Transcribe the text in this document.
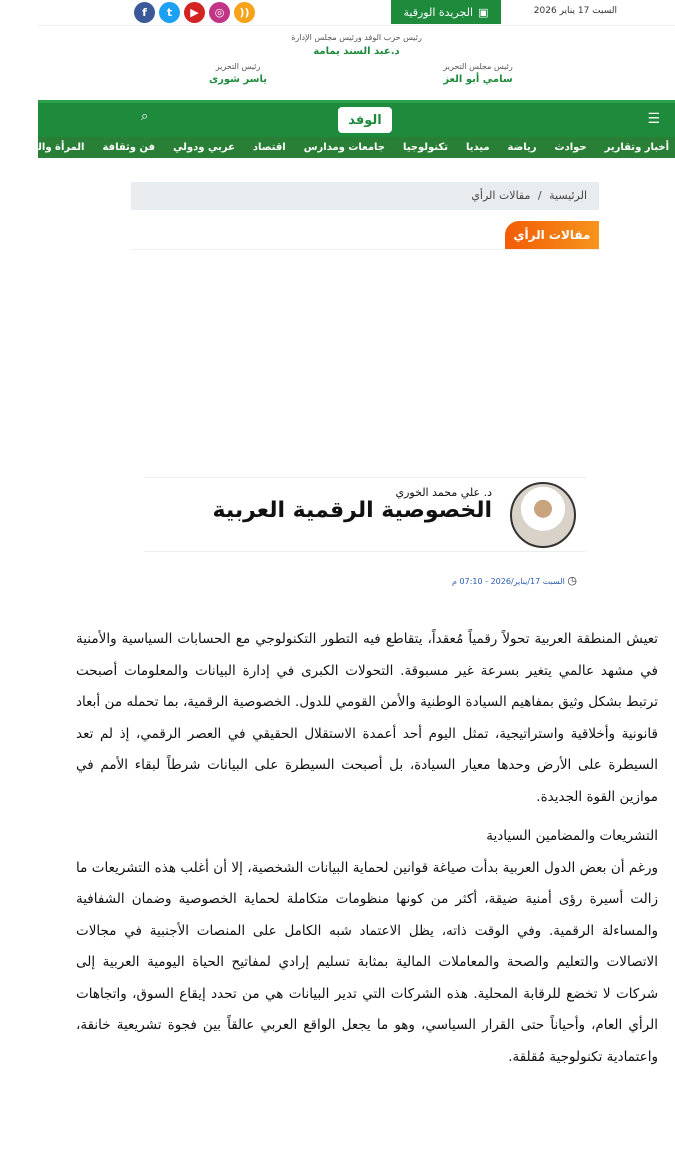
السبت 17 يناير 2026
▣
الجريدة الورقية
f	t	▶	◎	))
رئيس حزب الوفد ورئيس مجلس الإدارة
د.عبد السند يمامة
رئيس مجلس التحرير
سامي أبو العز
رئيس التحرير
ياسر شورى
☰
الوفد
⌕
أخبار وتقارير
حوادث
رياضة
ميديا
تكنولوجيا
جامعات ومدارس
اقتصاد
عربي ودولي
فن وثقافة
المرأة والمنوعات
الرئيسية / مقالات الرأي
مقالات الرأي
د. علي محمد الخوري
الخصوصية الرقمية العربية
◷ السبت 17/يناير/2026 - 07:10 م

تعيش المنطقة العربية تحولاً رقمياً مُعقداً، يتقاطع فيه التطور التكنولوجي مع الحسابات السياسية والأمنية في مشهد عالمي يتغير بسرعة غير مسبوقة. التحولات الكبرى في إدارة البيانات والمعلومات أصبحت ترتبط بشكل وثيق بمفاهيم السيادة الوطنية والأمن القومي للدول. الخصوصية الرقمية، بما تحمله من أبعاد قانونية وأخلاقية واستراتيجية، تمثل اليوم أحد أعمدة الاستقلال الحقيقي في العصر الرقمي، إذ لم تعد السيطرة على الأرض وحدها معيار السيادة، بل أصبحت السيطرة على البيانات شرطاً لبقاء الأمم في موازين القوة الجديدة.

التشريعات والمضامين السيادية

ورغم أن بعض الدول العربية بدأت صياغة قوانين لحماية البيانات الشخصية، إلا أن أغلب هذه التشريعات ما زالت أسيرة رؤى أمنية ضيقة، أكثر من كونها منظومات متكاملة لحماية الخصوصية وضمان الشفافية والمساءلة الرقمية. وفي الوقت ذاته، يظل الاعتماد شبه الكامل على المنصات الأجنبية في مجالات الاتصالات والتعليم والصحة والمعاملات المالية بمثابة تسليم إرادي لمفاتيح الحياة اليومية العربية إلى شركات لا تخضع للرقابة المحلية. هذه الشركات التي تدير البيانات هي من تحدد إيقاع السوق، واتجاهات الرأي العام، وأحياناً حتى القرار السياسي، وهو ما يجعل الواقع العربي عالقاً بين فجوة تشريعية خانقة، واعتمادية تكنولوجية مُقلقة.
